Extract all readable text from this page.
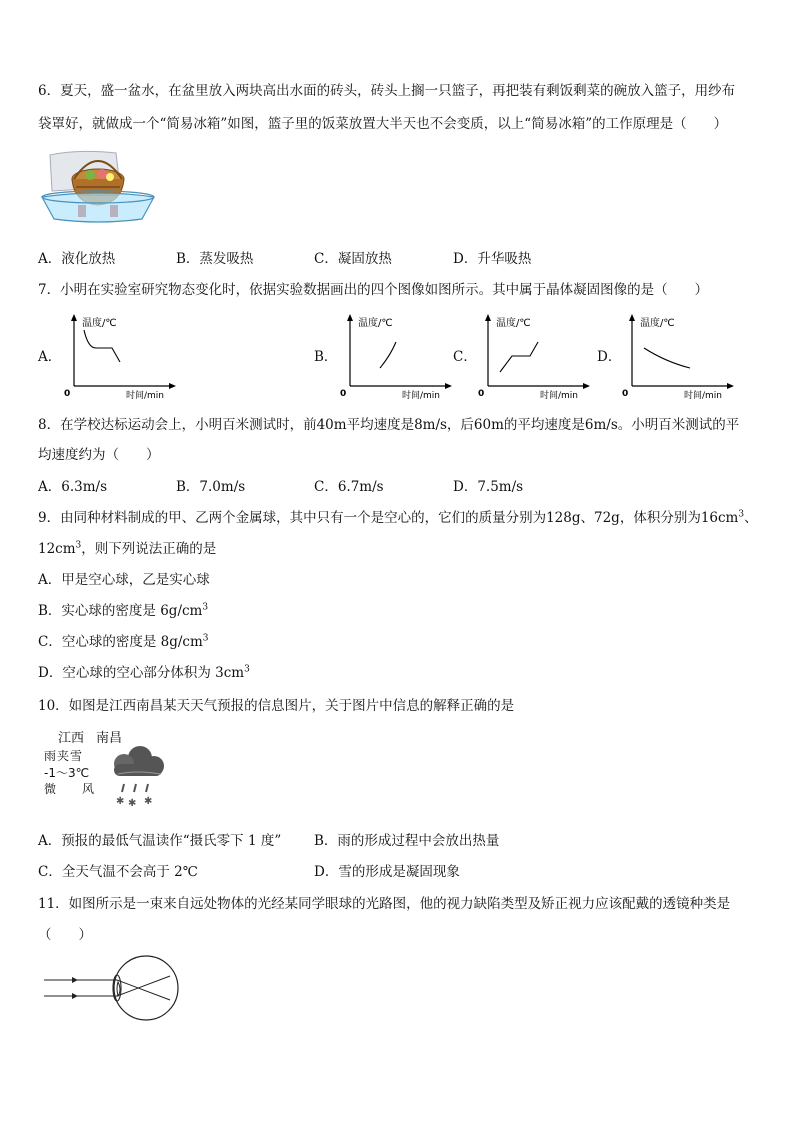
6．夏天，盛一盆水，在盆里放入两块高出水面的砖头，砖头上搁一只篮子，再把装有剩饭剩菜的碗放入篮子，用纱布
袋罩好，就做成一个“简易冰箱”如图，篮子里的饭菜放置大半天也不会变质，以上“简易冰箱”的工作原理是（　　）
A．液化放热	B．蒸发吸热	C．凝固放热	D．升华吸热
7．小明在实验室研究物态变化时，依据实验数据画出的四个图像如图所示。其中属于晶体凝固图像的是（　　）
A．	B．	C．	D．
温度/℃
时间/min
0
温度/℃
时间/min
0
温度/℃
时间/min
0
温度/℃
时间/min
0
8．在学校达标运动会上，小明百米测试时，前40m平均速度是8m/s，后60m的平均速度是6m/s。小明百米测试的平
均速度约为（　　）
A．6.3m/s	B．7.0m/s	C．6.7m/s	D．7.5m/s
9．由同种材料制成的甲、乙两个金属球，其中只有一个是空心的，它们的质量分别为128g、72g，体积分别为$16cm^3$、
$12cm^3$，则下列说法正确的是
A．甲是空心球，乙是实心球
B．实心球的密度是 $6g/cm^3$
C．空心球的密度是 $8g/cm^3$
D．空心球的空心部分体积为 $3cm^3$
10．如图是江西南昌某天天气预报的信息图片，关于图片中信息的解释正确的是
江西 南昌
雨夹雪
-1～3℃
微 风
✱ ✱ ✱
A．预报的最低气温读作“摄氏零下 1 度” B．雨的形成过程中会放出热量
C．全天气温不会高于 2℃	D．雪的形成是凝固现象
11．如图所示是一束来自远处物体的光经某同学眼球的光路图，他的视力缺陷类型及矫正视力应该配戴的透镜种类是
（　　）
